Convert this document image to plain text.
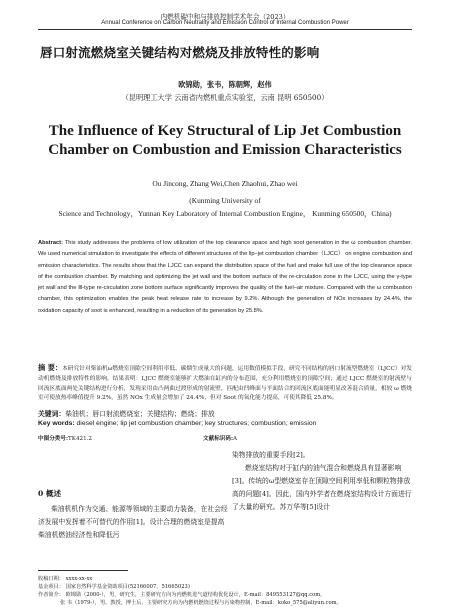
内燃机碳中和与排放控制学术年会（2023）
Annual Conference on Carbon Neutrality and Emission Control of Internal Combustion Power
唇口射流燃烧室关键结构对燃烧及排放特性的影响
欧锦勋，张韦，陈朝辉，赵伟
（昆明理工大学 云南省内燃机重点实验室，云南 昆明 650500）
The Influence of Key Structural of Lip Jet Combustion Chamber on Combustion and Emission Characteristics
Ou Jincong, Zhang Wei,Chen Zhaohui, Zhao wei
(Kunming University of
Science and Technology，Yunnan Key Laboratory of Internal Combustion Engine， Kunming 650500，China)
Abstract: This study addresses the problems of low utilization of the top clearance space and high soot generation in the ω combustion chamber. We used numerical simulation to investigate the effects of different structures of the lip–jet combustion chamber（LJCC） on engine combustion and emission characteristics. The results show that the LJCC can expand the distribution space of the fuel and make full use of the top clearance space of the combustion chamber. By matching and optimizing the jet wall and the bottom surface of the re-circulation zone in the LJCC, using the γ-type jet wall and the Ⅲ-type re-circulation zone bottom surface significantly improves the quality of the fuel–air mixture. Compared with the ω combustion chamber, this optimization enables the peak heat release rate to increase by 9.2%. Although the generation of NOx increases by 24.4%, the oxidation capacity of soot is enhanced, resulting in a reduction of its generation by 25.8%.
摘 要：本研究针对柴油机ω燃烧室顶隙空间利用率低、碳烟生成量大的问题，运用数值模拟手段，研究不同结构的唇口射流型燃烧室（LJCC）对发动机燃烧及排放特性的影响。结果表明：LJCC 燃烧室能够扩大燃油在缸内的分布范围，充分利用燃烧室的顶隙空间；通过 LJCC 燃烧室的射流壁与回流区底面两处关键结构进行分析，发现采用由凸两曲过渡形成的射流壁，匹配由凹峰面与平面结合的回流区底面能明显改善混合质量，相较 ω 燃烧室可使放热率峰值提升 9.2%，虽然 NOx 生成量会增加了 24.4%，但对 Soot 的氧化能力提高，可使其降低 25.8%。
关键词：柴油机；唇口射流燃烧室；关键结构；燃烧；排放
Key words: diesel engine; lip jet combustion chamber; key structures; combustion; emission
中图分类号:TK421.2	文献标识码:A
0 概述
柴油机机作为交通、能源等领域的主要动力装备，在社会经济发展中发挥着不可替代的作用[1]。设计合理的燃烧室是提高柴油机燃油经济性和降低污
染物排放的重要手段[2]。
燃烧室结构对于缸内的油气混合和燃烧具有显著影响[3]。传统的ω型燃烧室存在顶隙空间利用率低和颗粒物排放高的问题[4]。因此，国内外学者在燃烧室结构设计方面进行了大量的研究。苏万华等[5]设计
收稿日期： xxxx-xx-xx
基金项目： 国家自然科学基金资助项目(52166007，51665023)
作者简介： 欧锦勋（2000-），男，研究生，主要研究方向为内燃机进气道结构优化设计，E-mail：849553127@qq.com。
张 韦（1979-），男，教授，博士后，主要研究方向为内燃机燃烧过程与污染物控制，E-mail：koko_575@aliyun.com。
